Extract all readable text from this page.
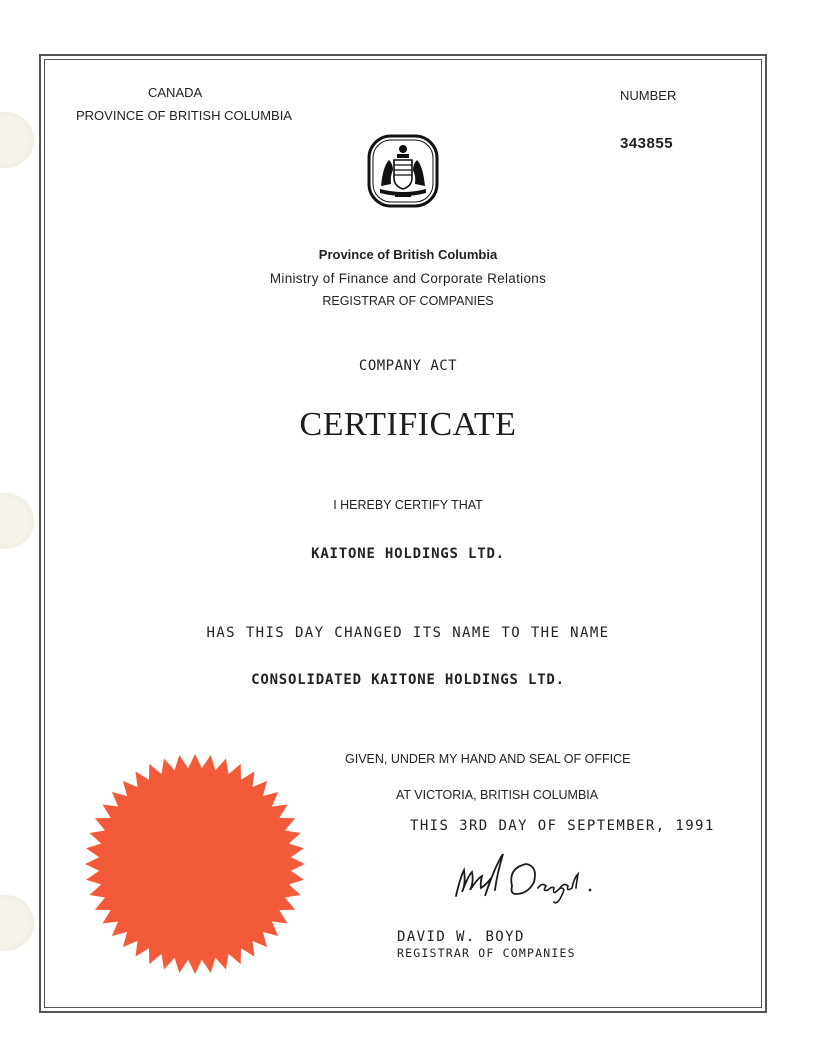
CANADA
PROVINCE OF BRITISH COLUMBIA
NUMBER
343855
Province of British Columbia
Ministry of Finance and Corporate Relations
REGISTRAR OF COMPANIES
COMPANY ACT
CERTIFICATE
I HEREBY CERTIFY THAT
KAITONE HOLDINGS LTD.
HAS THIS DAY CHANGED ITS NAME TO THE NAME
CONSOLIDATED KAITONE HOLDINGS LTD.
GIVEN, UNDER MY HAND AND SEAL OF OFFICE
AT VICTORIA, BRITISH COLUMBIA
THIS 3RD DAY OF SEPTEMBER, 1991
DAVID W. BOYD
REGISTRAR OF COMPANIES
